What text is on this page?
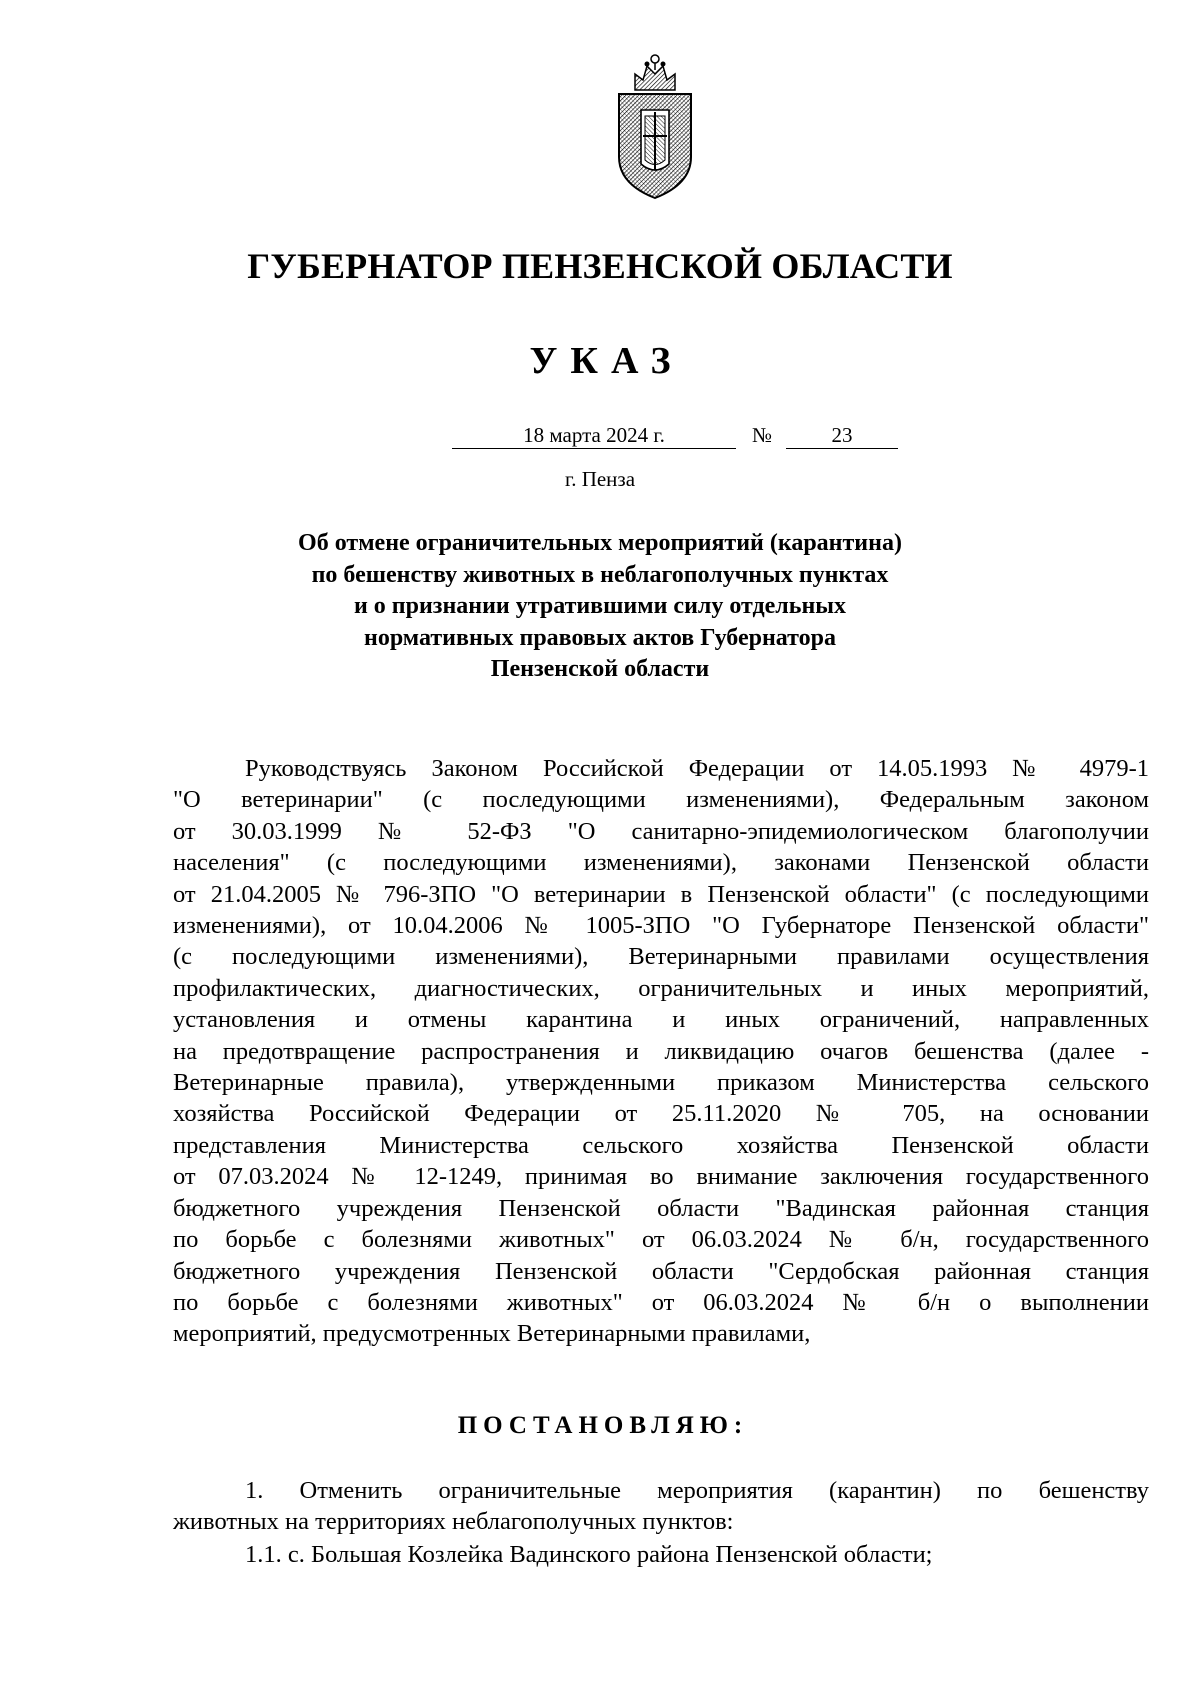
ГУБЕРНАТОР ПЕНЗЕНСКОЙ ОБЛАСТИ
УКАЗ
18 марта 2024 г.	№	23
г. Пенза
Об отмене ограничительных мероприятий (карантина)
по бешенству животных в неблагополучных пунктах
и о признании утратившими силу отдельных
нормативных правовых актов Губернатора
Пензенской области
Руководствуясь Законом Российской Федерации от 14.05.1993 № 4979-1
"О ветеринарии" (с последующими изменениями), Федеральным законом
от 30.03.1999 № 52-ФЗ "О санитарно-эпидемиологическом благополучии
населения" (с последующими изменениями), законами Пензенской области
от 21.04.2005 № 796-ЗПО "О ветеринарии в Пензенской области" (с последующими
изменениями), от 10.04.2006 № 1005-ЗПО "О Губернаторе Пензенской области"
(с последующими изменениями), Ветеринарными правилами осуществления
профилактических, диагностических, ограничительных и иных мероприятий,
установления и отмены карантина и иных ограничений, направленных
на предотвращение распространения и ликвидацию очагов бешенства (далее -
Ветеринарные правила), утвержденными приказом Министерства сельского
хозяйства Российской Федерации от 25.11.2020 № 705, на основании
представления Министерства сельского хозяйства Пензенской области
от 07.03.2024 № 12-1249, принимая во внимание заключения государственного
бюджетного учреждения Пензенской области "Вадинская районная станция
по борьбе с болезнями животных" от 06.03.2024 № б/н, государственного
бюджетного учреждения Пензенской области "Сердобская районная станция
по борьбе с болезнями животных" от 06.03.2024 № б/н о выполнении
мероприятий, предусмотренных Ветеринарными правилами,
ПОСТАНОВЛЯЮ:
1. Отменить ограничительные мероприятия (карантин) по бешенству
животных на территориях неблагополучных пунктов:
1.1. с. Большая Козлейка Вадинского района Пензенской области;
